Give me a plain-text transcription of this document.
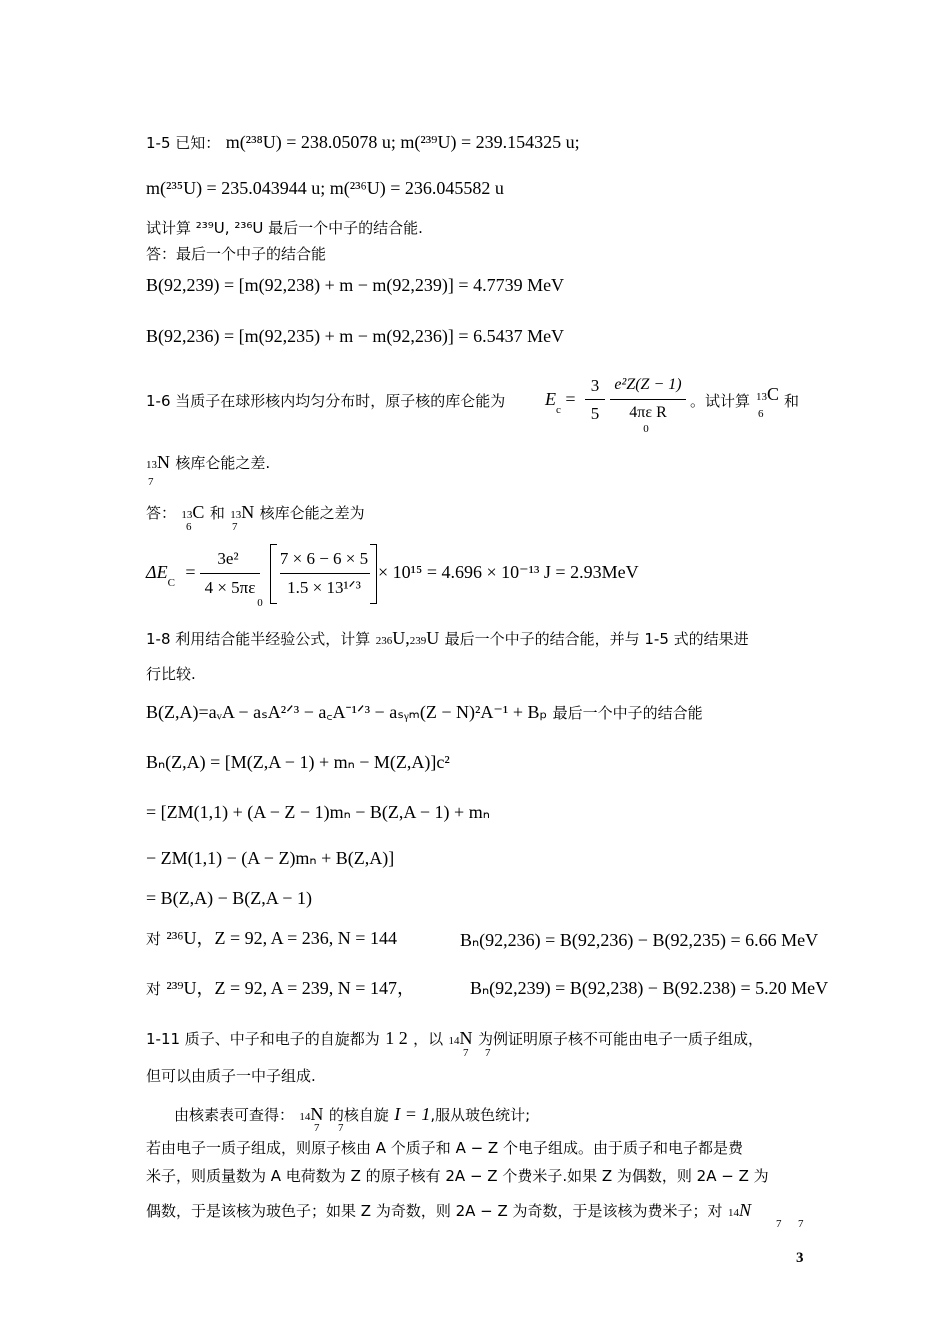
1-5 已知： m(²³⁸U) = 238.05078 u; m(²³⁹U) = 239.154325 u;
m(²³⁵U) = 235.043944 u; m(²³⁶U) = 236.045582 u
试计算 ²³⁹U, ²³⁶U 最后一个中子的结合能.
答：最后一个中子的结合能
B(92,239) = [m(92,238) + m − m(92,239)] = 4.7739 MeV
B(92,236) = [m(92,235) + m − m(92,236)] = 6.5437 MeV
1-6 当质子在球形核内均匀分布时，原子核的库仑能为 $E_c$ =
3
5
e²Z(Z − 1)
4πε R
0
。试计算 13C
6
和
13N
7
核库仑能之差.
答： 13C 和 13N 核库仑能之差为
6	7
$\Delta E_C$ =
3e²
4 × 5πε
0
7 × 6 − 6 × 5
1.5 × 13¹ᐟ³
× 10¹⁵ = 4.696 × 10⁻¹³ J = 2.93MeV
1-8 利用结合能半经验公式，计算 236U,239U 最后一个中子的结合能，并与 1-5 式的结果进
行比较.
B(Z,A)=aᵥA − aₛA²ᐟ³ − a꜀A⁻¹ᐟ³ − aₛᵧₘ(Z − N)²A⁻¹ + Bₚ 最后一个中子的结合能
Bₙ(Z,A) = [M(Z,A − 1) + mₙ − M(Z,A)]c²
= [ZM(1,1) + (A − Z − 1)mₙ − B(Z,A − 1) + mₙ
− ZM(1,1) − (A − Z)mₙ + B(Z,A)]
= B(Z,A) − B(Z,A − 1)
对 ²³⁶U，Z = 92, A = 236, N = 144	Bₙ(92,236) = B(92,236) − B(92,235) = 6.66 MeV
对 ²³⁹U，Z = 92, A = 239, N = 147，	Bₙ(92,239) = B(92,238) − B(92.238) = 5.20 MeV
1-11 质子、中子和电子的自旋都为 1 2 ，以 14N 为例证明原子核不可能由电子一质子组成，
7 7
但可以由质子一中子组成.
由核素表可查得： 14N 的核自旋 I = 1,服从玻色统计;
7 7
若由电子一质子组成，则原子核由 A 个质子和 A − Z 个电子组成。由于质子和电子都是费
米子，则质量数为 A 电荷数为 Z 的原子核有 2A − Z 个费米子.如果 Z 为偶数，则 2A − Z 为
偶数，于是该核为玻色子；如果 Z 为奇数，则 2A − Z 为奇数，于是该核为费米子；对 14N
7 7
3
